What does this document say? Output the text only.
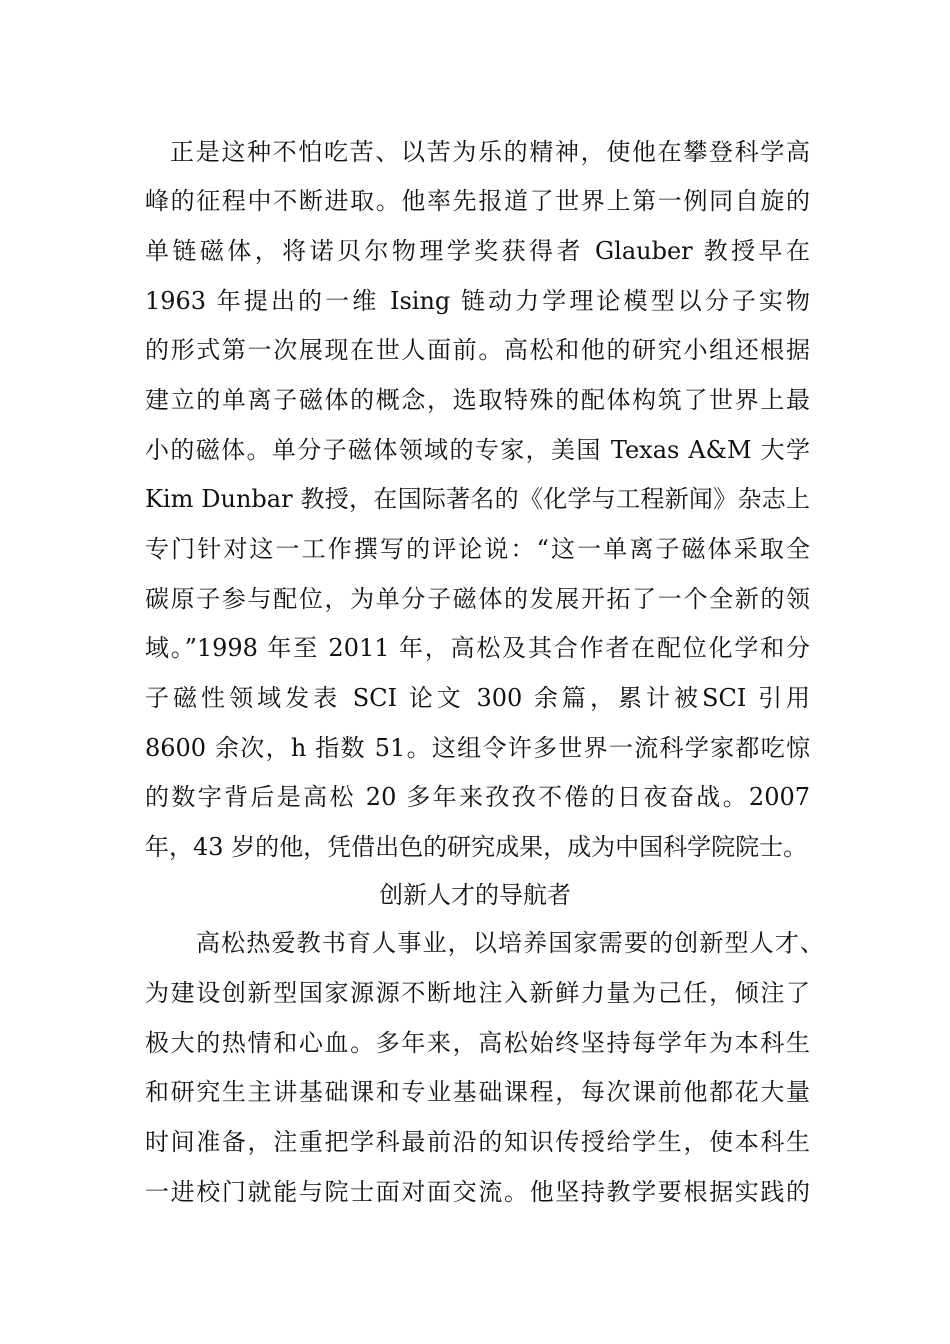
正是这种不怕吃苦、以苦为乐的精神，使他在攀登科学高
峰的征程中不断进取。他率先报道了世界上第一例同自旋的
单链磁体，将诺贝尔物理学奖获得者 Glauber 教授早在
1963 年提出的一维 Ising 链动力学理论模型以分子实物
的形式第一次展现在世人面前。高松和他的研究小组还根据
建立的单离子磁体的概念，选取特殊的配体构筑了世界上最
小的磁体。单分子磁体领域的专家，美国 Texas A&M 大学
Kim Dunbar 教授，在国际著名的《化学与工程新闻》杂志上
专门针对这一工作撰写的评论说：“这一单离子磁体采取全
碳原子参与配位，为单分子磁体的发展开拓了一个全新的领
域。”1998 年至 2011 年，高松及其合作者在配位化学和分
子磁性领域发表 SCI 论文 300 余篇，累计被SCI 引用
8600 余次，h 指数 51。这组令许多世界一流科学家都吃惊
的数字背后是高松 20 多年来孜孜不倦的日夜奋战。2007
年，43 岁的他，凭借出色的研究成果，成为中国科学院院士。
创新人才的导航者
高松热爱教书育人事业，以培养国家需要的创新型人才、
为建设创新型国家源源不断地注入新鲜力量为己任，倾注了
极大的热情和心血。多年来，高松始终坚持每学年为本科生
和研究生主讲基础课和专业基础课程，每次课前他都花大量
时间准备，注重把学科最前沿的知识传授给学生，使本科生
一进校门就能与院士面对面交流。他坚持教学要根据实践的
